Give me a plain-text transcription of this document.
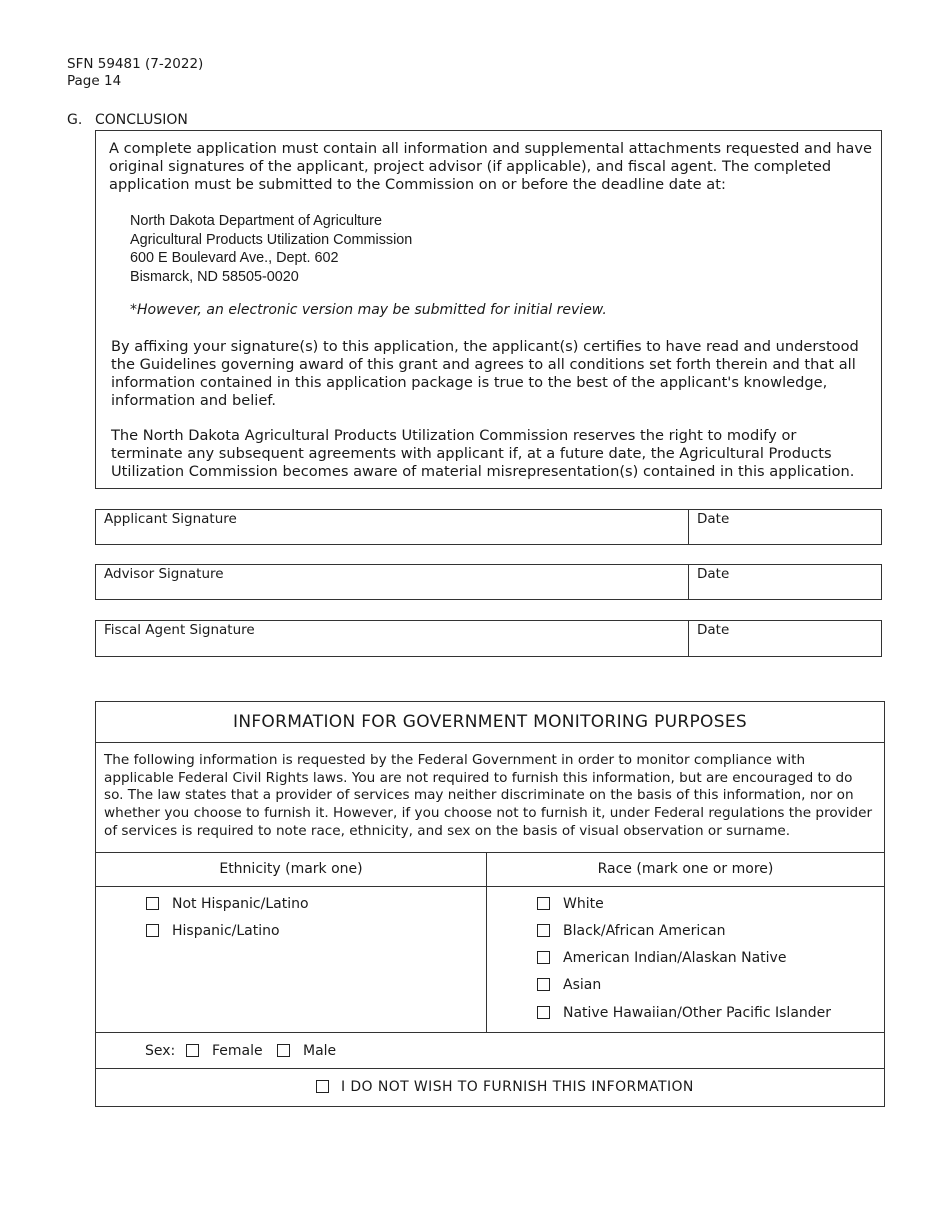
SFN 59481 (7-2022)
Page 14
G. CONCLUSION
A complete application must contain all information and supplemental attachments requested and have
original signatures of the applicant, project advisor (if applicable), and fiscal agent. The completed
application must be submitted to the Commission on or before the deadline date at:
North Dakota Department of Agriculture
Agricultural Products Utilization Commission
600 E Boulevard Ave., Dept. 602
Bismarck, ND 58505-0020
*However, an electronic version may be submitted for initial review.
By affixing your signature(s) to this application, the applicant(s) certifies to have read and understood
the Guidelines governing award of this grant and agrees to all conditions set forth therein and that all
information contained in this application package is true to the best of the applicant's knowledge,
information and belief.
The North Dakota Agricultural Products Utilization Commission reserves the right to modify or
terminate any subsequent agreements with applicant if, at a future date, the Agricultural Products
Utilization Commission becomes aware of material misrepresentation(s) contained in this application.
Applicant Signature	Date
Advisor Signature	Date
Fiscal Agent Signature	Date
INFORMATION FOR GOVERNMENT MONITORING PURPOSES
The following information is requested by the Federal Government in order to monitor compliance with
applicable Federal Civil Rights laws. You are not required to furnish this information, but are encouraged to do
so. The law states that a provider of services may neither discriminate on the basis of this information, nor on
whether you choose to furnish it. However, if you choose not to furnish it, under Federal regulations the provider
of services is required to note race, ethnicity, and sex on the basis of visual observation or surname.
Ethnicity (mark one)	Race (mark one or more)
Not Hispanic/Latino
Hispanic/Latino
White
Black/African American
American Indian/Alaskan Native
Asian
Native Hawaiian/Other Pacific Islander
Sex:	Female	Male
I DO NOT WISH TO FURNISH THIS INFORMATION
